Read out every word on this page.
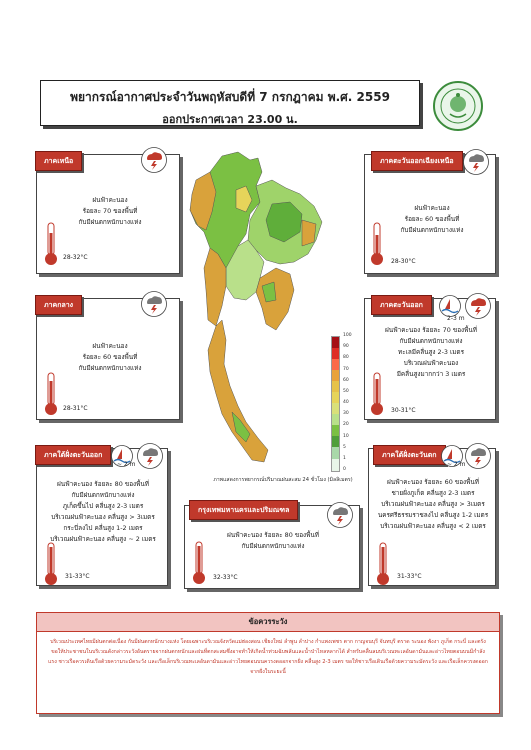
พยากรณ์อากาศประจำวันพฤหัสบดีที่ 7 กรกฎาคม พ.ศ. 2559
ออกประกาศเวลา 23.00 น.
100
90
80
70
60
50
40
30
20
10
5
1
0
ภาพแสดงการพยากรณ์ปริมาณฝนสะสม 24 ชั่วโมง (มิลลิเมตร)
ภาคเหนือ
ฝนฟ้าคะนอง
ร้อยละ 70 ของพื้นที่
กับมีฝนตกหนักบางแห่ง
28-32°C
ภาคตะวันออกเฉียงเหนือ
ฝนฟ้าคะนอง
ร้อยละ 60 ของพื้นที่
กับมีฝนตกหนักบางแห่ง
28-30°C
ภาคกลาง
ฝนฟ้าคะนอง
ร้อยละ 60 ของพื้นที่
กับมีฝนตกหนักบางแห่ง
28-31°C
ภาคตะวันออก
2-3 m
ฝนฟ้าคะนอง ร้อยละ 70 ของพื้นที่
กับมีฝนตกหนักบางแห่ง
ทะเลมีคลื่นสูง 2-3 เมตร
บริเวณฝนฟ้าคะนอง
มีคลื่นสูงมากกว่า 3 เมตร
30-31°C
ภาคใต้ฝั่งตะวันออก
~ 2 m
ฝนฟ้าคะนอง ร้อยละ 80 ของพื้นที่
กับมีฝนตกหนักบางแห่ง
ภูเก็ตขึ้นไป คลื่นสูง 2-3 เมตร
บริเวณฝนฟ้าคะนอง คลื่นสูง > 3เมตร
กระบี่ลงไป คลื่นสูง 1-2 เมตร
บริเวณฝนฟ้าคะนอง คลื่นสูง ~ 2 เมตร
31-33°C
กรุงเทพมหานครและปริมณฑล
ฝนฟ้าคะนอง ร้อยละ 80 ของพื้นที่
กับมีฝนตกหนักบางแห่ง
32-33°C
ภาคใต้ฝั่งตะวันตก
~ 2 m
ฝนฟ้าคะนอง ร้อยละ 60 ของพื้นที่
ชายฝั่งภูเก็ต คลื่นสูง 2-3 เมตร
บริเวณฝนฟ้าคะนอง คลื่นสูง > 3เมตร
นครศรีธรรมราชลงไป คลื่นสูง 1-2 เมตร
บริเวณฝนฟ้าคะนอง คลื่นสูง < 2 เมตร
31-33°C
ข้อควรระวัง
บริเวณประเทศไทยมีฝนตกต่อเนื่อง กับมีฝนตกหนักบางแห่ง โดยเฉพาะบริเวณจังหวัดแม่ฮ่องสอน เชียงใหม่ ลำพูน ลำปาง กำแพงเพชร ตาก กาญจนบุรี จันทบุรี ตราด ระนอง พังงา ภูเก็ต กระบี่ และตรัง ขอให้ประชาชนในบริเวณดังกล่าวระวังอันตรายจากฝนตกหนักและฝนที่ตกสะสมซึ่งอาจทำให้เกิดน้ำท่วมฉับพลันและน้ำป่าไหลหลากได้ สำหรับคลื่นลมบริเวณทะเลอันดามันและอ่าวไทยตอนบนมีกำลังแรง ชาวเรือควรเดินเรือด้วยความระมัดระวัง และเรือเล็กบริเวณทะเลอันดามันและอ่าวไทยตอนบนควรงดออกจากฝั่ง คลื่นสูง 2-3 เมตร ขอให้ชาวเรือเดินเรือด้วยความระมัดระวัง และเรือเล็กควรงดออกจากฝั่งในระยะนี้
